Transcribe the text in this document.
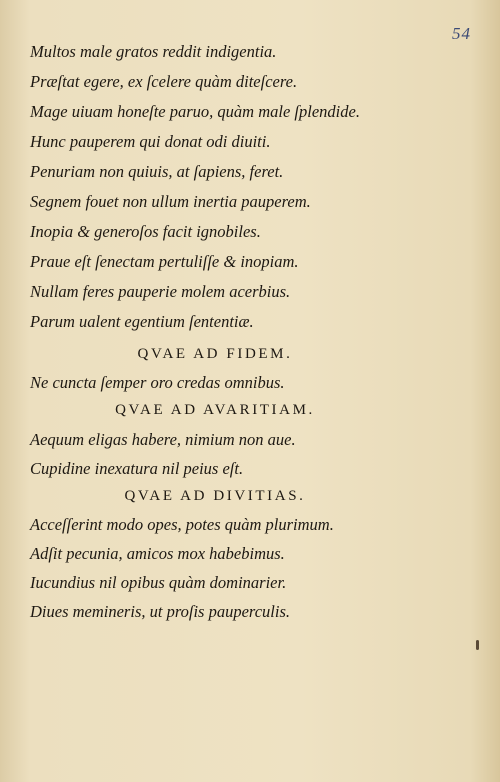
54
Multos male gratos reddit indigentia.
Præſtat egere, ex ſcelere quàm diteſcere.
Mage uiuam honeſte paruo, quàm male ſplendide.
Hunc pauperem qui donat odi diuiti.
Penuriam non quiuis, at ſapiens, feret.
Segnem fouet non ullum inertia pauperem.
Inopia & generoſos facit ignobiles.
Praue eſt ſenectam pertuliſſe & inopiam.
Nullam feres pauperie molem acerbius.
Parum ualent egentium ſententiæ.
QVAE AD FIDEM.
Ne cuncta ſemper oro credas omnibus.
QVAE AD AVARITIAM.
Aequum eligas habere, nimium non aue.
Cupidine inexatura nil peius eſt.
QVAE AD DIVITIAS.
Acceſſerint modo opes, potes quàm plurimum.
Adſit pecunia, amicos mox habebimus.
Iucundius nil opibus quàm dominarier.
Diues memineris, ut proſis pauperculis.
